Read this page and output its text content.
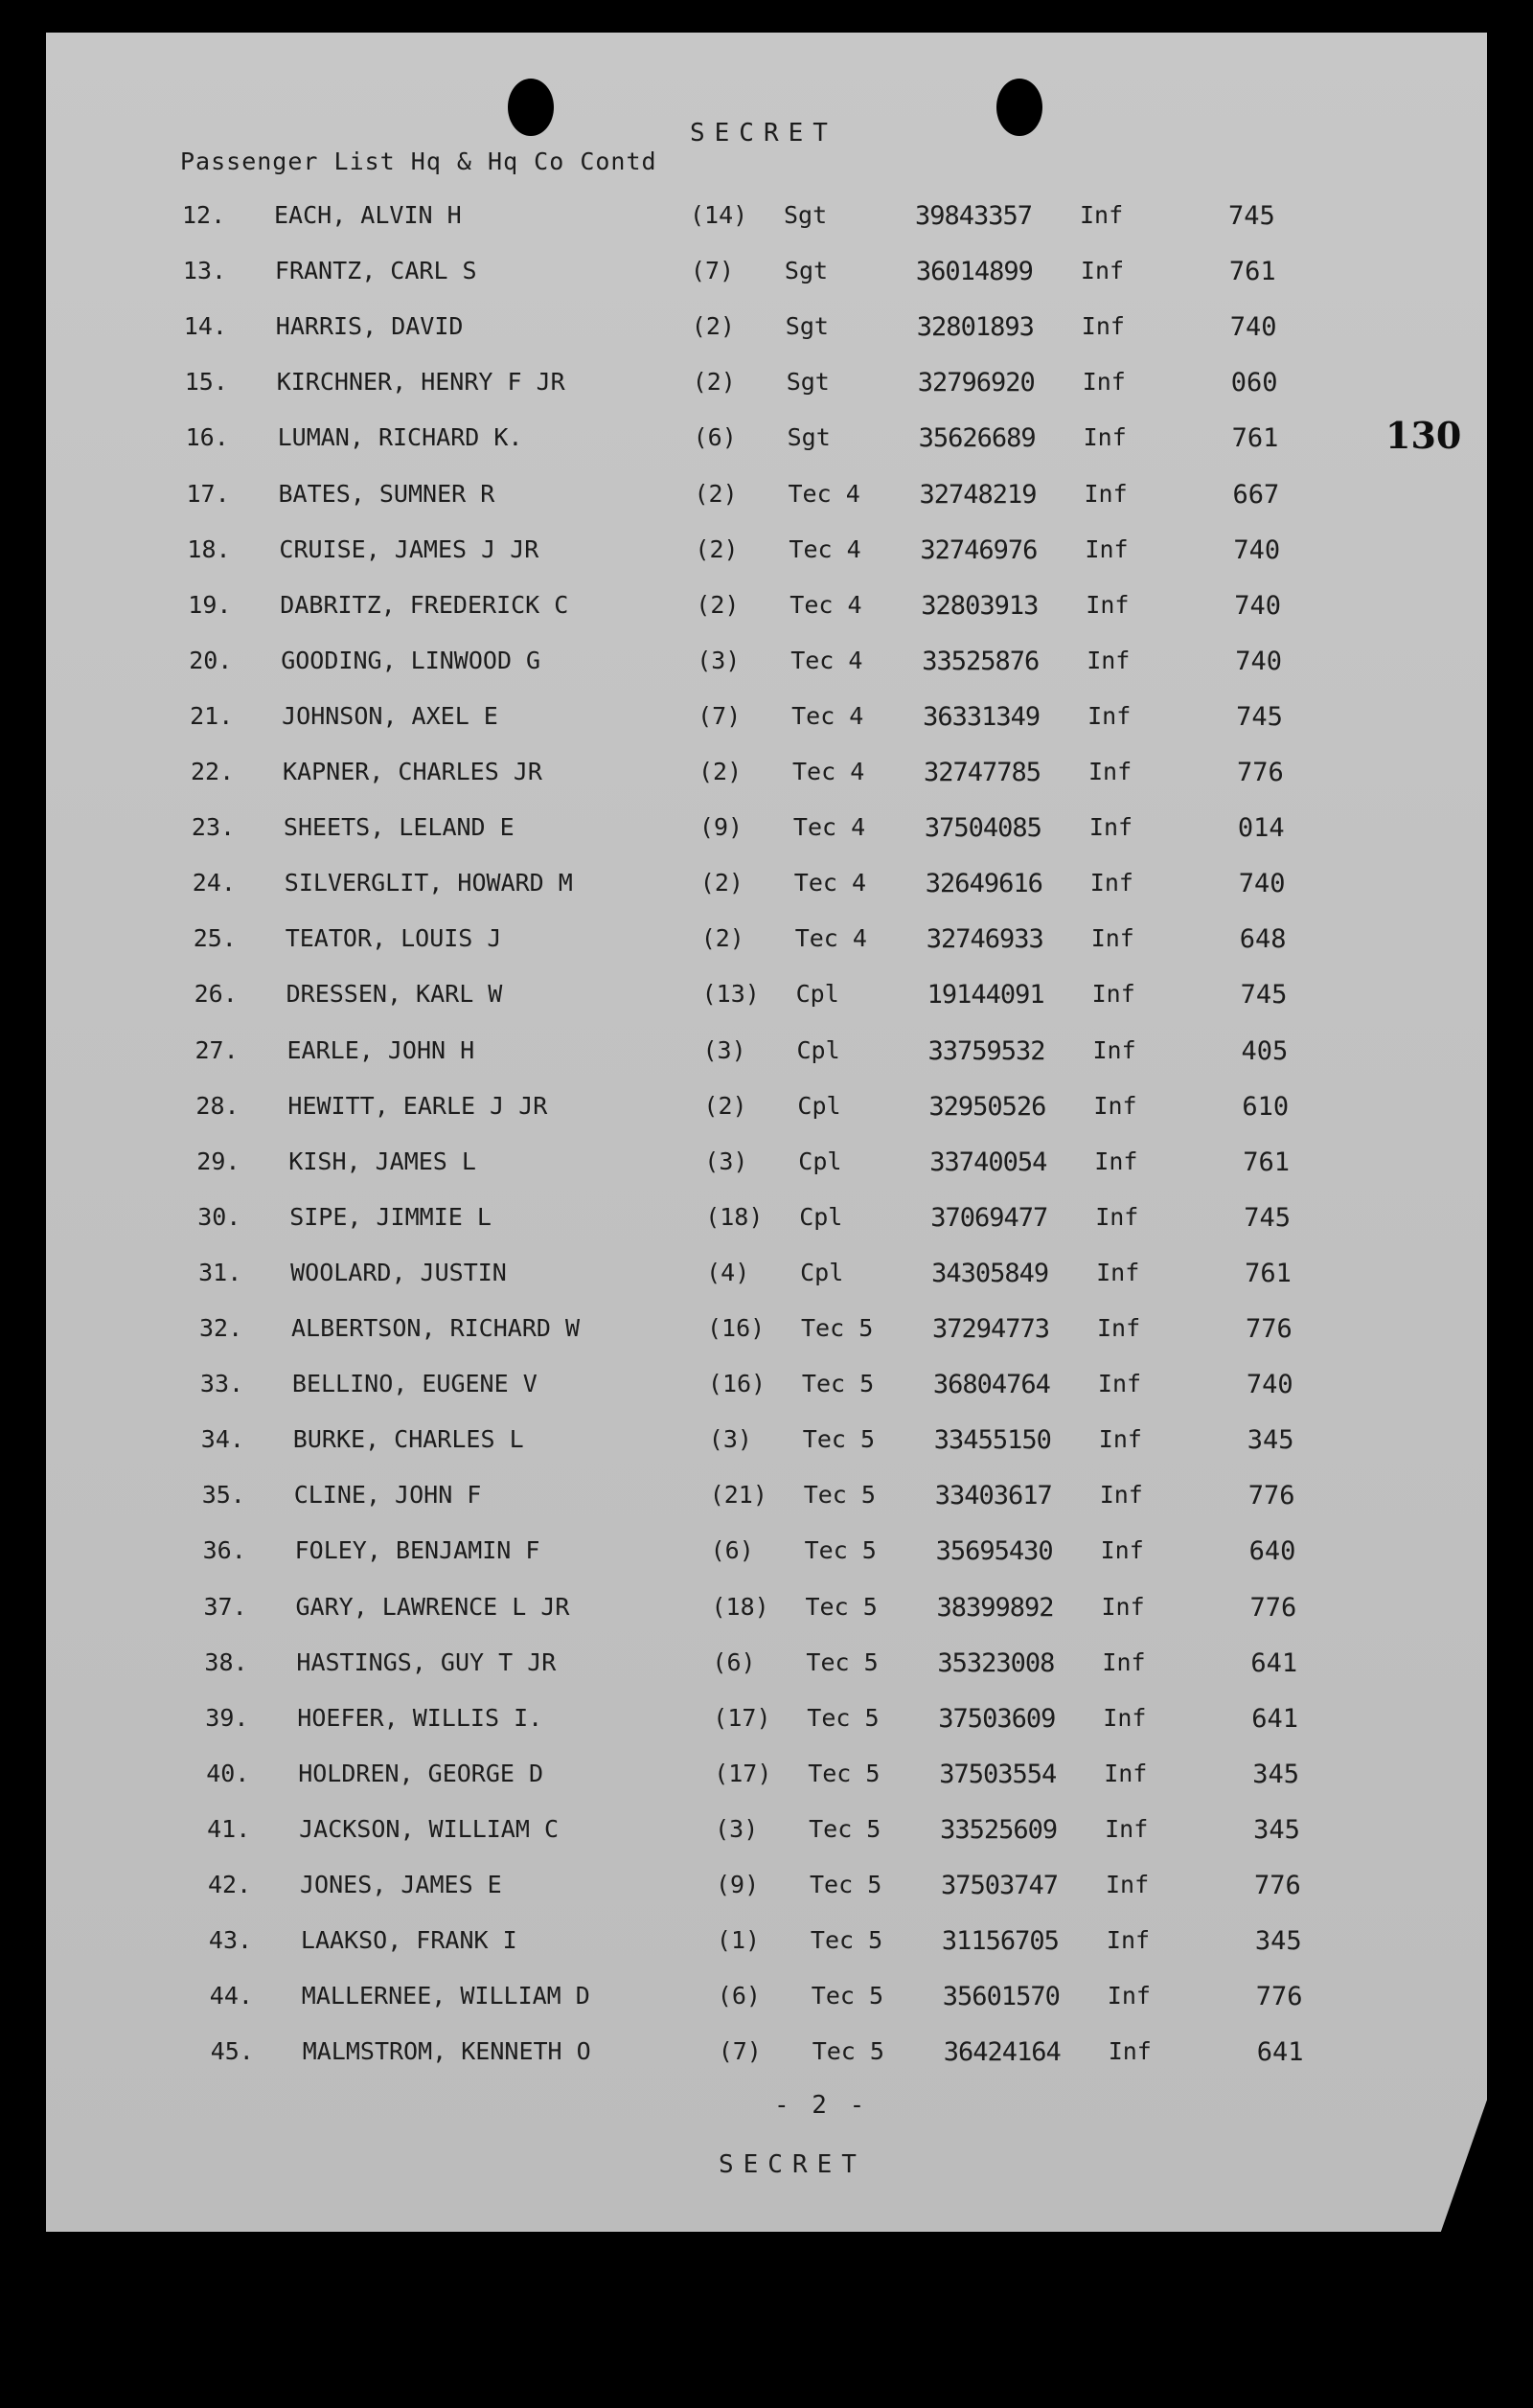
SECRET
Passenger List Hq & Hq Co Contd
130
12. EACH, ALVIN H	(14) Sgt	39843357 Inf	745
13. FRANTZ, CARL S	(7) Sgt	36014899 Inf	761
14. HARRIS, DAVID	(2) Sgt	32801893 Inf	740
15. KIRCHNER, HENRY F JR	(2) Sgt	32796920 Inf	060
16. LUMAN, RICHARD K.	(6) Sgt	35626689 Inf	761
17. BATES, SUMNER R	(2) Tec 4 32748219 Inf	667
18. CRUISE, JAMES J JR	(2) Tec 4 32746976 Inf	740
19. DABRITZ, FREDERICK C	(2) Tec 4 32803913 Inf	740
20. GOODING, LINWOOD G	(3) Tec 4 33525876 Inf	740
21. JOHNSON, AXEL E	(7) Tec 4 36331349 Inf	745
22. KAPNER, CHARLES JR	(2) Tec 4 32747785 Inf	776
23. SHEETS, LELAND E	(9) Tec 4 37504085 Inf	014
24. SILVERGLIT, HOWARD M	(2) Tec 4 32649616 Inf	740
25. TEATOR, LOUIS J	(2) Tec 4 32746933 Inf	648
26. DRESSEN, KARL W	(13) Cpl	19144091 Inf	745
27. EARLE, JOHN H	(3) Cpl	33759532 Inf	405
28. HEWITT, EARLE J JR	(2) Cpl	32950526 Inf	610
29. KISH, JAMES L	(3) Cpl	33740054 Inf	761
30. SIPE, JIMMIE L	(18) Cpl	37069477 Inf	745
31. WOOLARD, JUSTIN	(4) Cpl	34305849 Inf	761
32. ALBERTSON, RICHARD W	(16) Tec 5 37294773 Inf	776
33. BELLINO, EUGENE V	(16) Tec 5 36804764 Inf	740
34. BURKE, CHARLES L	(3) Tec 5 33455150 Inf	345
35. CLINE, JOHN F	(21) Tec 5 33403617 Inf	776
36. FOLEY, BENJAMIN F	(6) Tec 5 35695430 Inf	640
37. GARY, LAWRENCE L JR	(18) Tec 5 38399892 Inf	776
38. HASTINGS, GUY T JR	(6) Tec 5 35323008 Inf	641
39. HOEFER, WILLIS I.	(17) Tec 5 37503609 Inf	641
40. HOLDREN, GEORGE D	(17) Tec 5 37503554 Inf	345
41. JACKSON, WILLIAM C	(3) Tec 5 33525609 Inf	345
42. JONES, JAMES E	(9) Tec 5 37503747 Inf	776
43. LAAKSO, FRANK I	(1) Tec 5 31156705 Inf	345
44. MALLERNEE, WILLIAM D	(6) Tec 5 35601570 Inf	776
45. MALMSTROM, KENNETH O	(7) Tec 5 36424164 Inf	641
- 2 -
SECRET
